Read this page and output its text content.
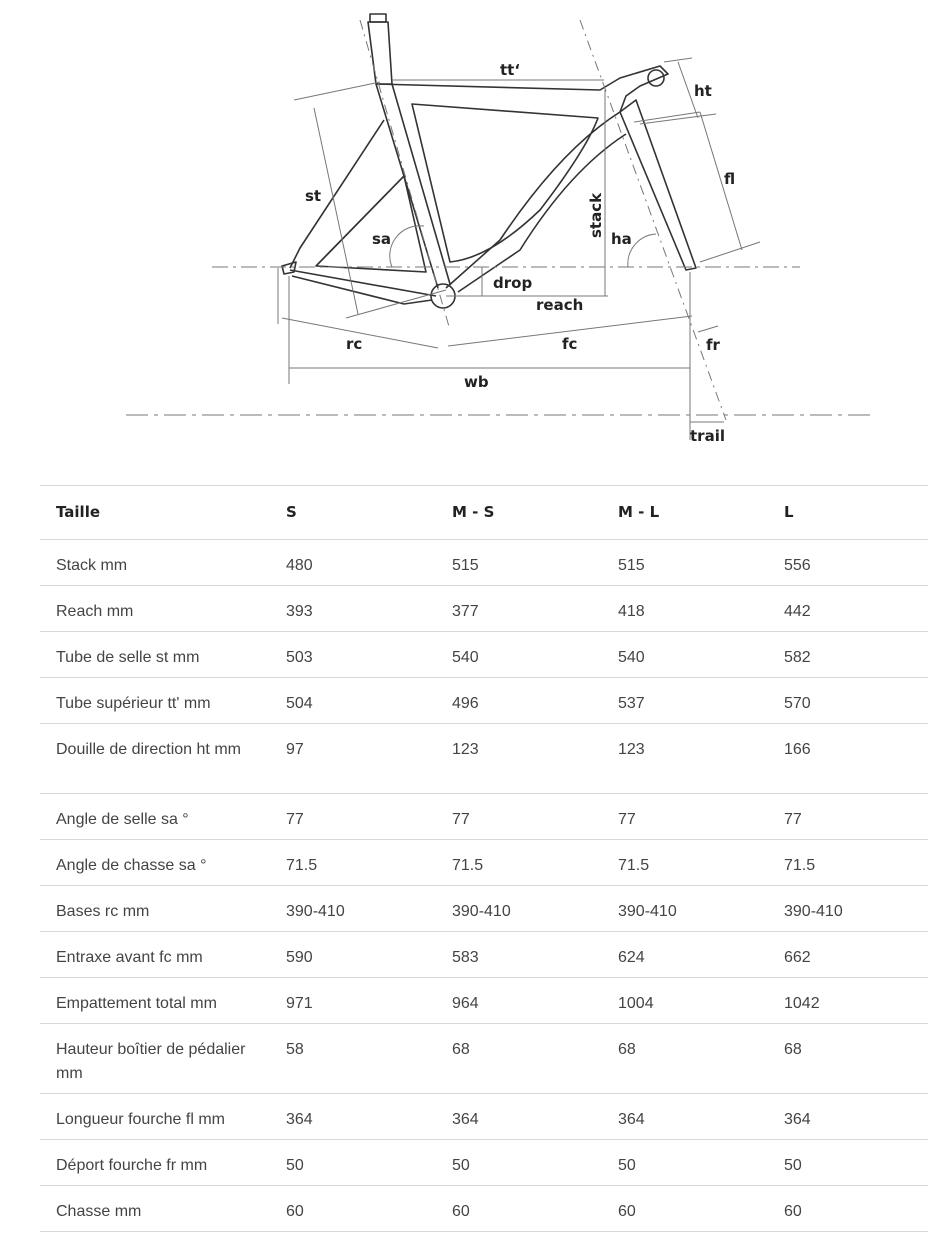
tt‘
ht
st
fl
sa
stack
ha
drop
reach
rc	fc	fr
wb
trail
Taille	S	M - S	M - L	L
Stack mm	480	515	515	556
Reach mm	393	377	418	442
Tube de selle st mm	503	540	540	582
Tube supérieur tt' mm	504	496	537	570
Douille de direction ht mm	97	123	123	166
Angle de selle sa °	77	77	77	77
Angle de chasse sa °	71.5	71.5	71.5	71.5
Bases rc mm	390-410	390-410	390-410	390-410
Entraxe avant fc mm	590	583	624	662
Empattement total mm	971	964	1004	1042
Hauteur boîtier de pédalier mm	58	68	68	68
Longueur fourche fl mm	364	364	364	364
Déport fourche fr mm	50	50	50	50
Chasse mm	60	60	60	60
